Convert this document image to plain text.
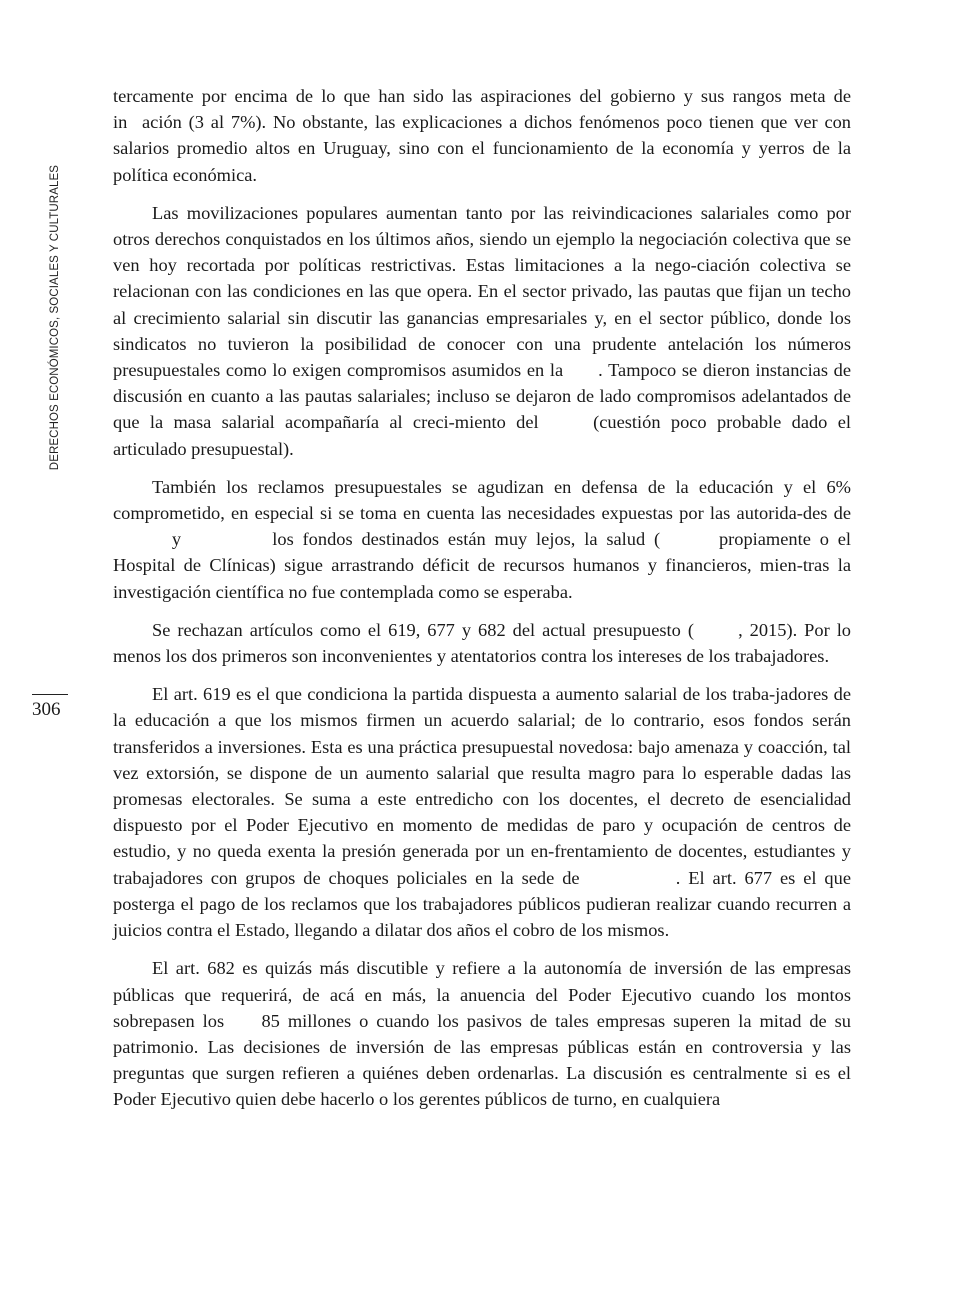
DERECHOS ECONÓMICOS, SOCIALES Y CULTURALES
306

tercamente por encima de lo que han sido las aspiraciones del gobierno y sus rangos meta de inación (3 al 7%). No obstante, las explicaciones a dichos fenómenos poco tienen que ver con salarios promedio altos en Uruguay, sino con el funcionamiento de la economía y yerros de la política económica.

Las movilizaciones populares aumentan tanto por las reivindicaciones salariales como por otros derechos conquistados en los últimos años, siendo un ejemplo la negociación colectiva que se ven hoy recortada por políticas restrictivas. Estas limitaciones a la nego-ciación colectiva se relacionan con las condiciones en las que opera. En el sector privado, las pautas que fijan un techo al crecimiento salarial sin discutir las ganancias empresariales y, en el sector público, donde los sindicatos no tuvieron la posibilidad de conocer con una prudente antelación los números presupuestales como lo exigen compromisos asumidos en la . Tampoco se dieron instancias de discusión en cuanto a las pautas salariales; incluso se dejaron de lado compromisos adelantados de que la masa salarial acompañaría al creci-miento del (cuestión poco probable dado el articulado presupuestal).

También los reclamos presupuestales se agudizan en defensa de la educación y el 6% comprometido, en especial si se toma en cuenta las necesidades expuestas por las autorida-des de y  los fondos destinados están muy lejos, la salud (propiamente o el Hospital de Clínicas) sigue arrastrando déficit de recursos humanos y financieros, mien-tras la investigación científica no fue contemplada como se esperaba.

Se rechazan artículos como el 619, 677 y 682 del actual presupuesto (, 2015). Por lo menos los dos primeros son inconvenientes y atentatorios contra los intereses de los trabajadores.

El art. 619 es el que condiciona la partida dispuesta a aumento salarial de los traba-jadores de la educación a que los mismos firmen un acuerdo salarial; de lo contrario, esos fondos serán transferidos a inversiones. Esta es una práctica presupuestal novedosa: bajo amenaza y coacción, tal vez extorsión, se dispone de un aumento salarial que resulta magro para lo esperable dadas las promesas electorales. Se suma a este entredicho con los docentes, el decreto de esencialidad dispuesto por el Poder Ejecutivo en momento de medidas de paro y ocupación de centros de estudio, y no queda exenta la presión generada por un en-frentamiento de docentes, estudiantes y trabajadores con grupos de choques policiales en la sede de . El art. 677 es el que posterga el pago de los reclamos que los trabajadores públicos pudieran realizar cuando recurren a juicios contra el Estado, llegando a dilatar dos años el cobro de los mismos.

El art. 682 es quizás más discutible y refiere a la autonomía de inversión de las empresas públicas que requerirá, de acá en más, la anuencia del Poder Ejecutivo cuando los montos sobrepasen los 85 millones o cuando los pasivos de tales empresas superen la mitad de su patrimonio. Las decisiones de inversión de las empresas públicas están en controversia y las preguntas que surgen refieren a quiénes deben ordenarlas. La discusión es centralmente si es el Poder Ejecutivo quien debe hacerlo o los gerentes públicos de turno, en cualquiera
